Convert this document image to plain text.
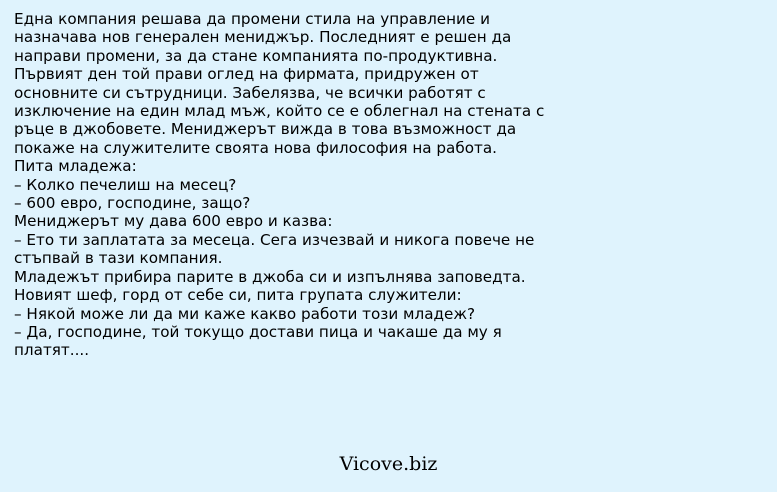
Една компания решава да промени стила на управление и
назначава нов генерален мениджър. Последният е решен да
направи промени, за да стане компанията по-продуктивна.
Първият ден той прави оглед на фирмата, придружен от
основните си сътрудници. Забелязва, че всички работят с
изключение на един млад мъж, който се е облегнал на стената с
ръце в джобовете. Мениджерът вижда в това възможност да
покаже на служителите своята нова философия на работа.
Пита младежа:
– Колко печелиш на месец?
– 600 евро, господине, защо?
Мениджерът му дава 600 евро и казва:
– Ето ти заплатата за месеца. Сега изчезвай и никога повече не
стъпвай в тази компания.
Младежът прибира парите в джоба си и изпълнява заповедта.
Новият шеф, горд от себе си, пита групата служители:
– Някой може ли да ми каже какво работи този младеж?
– Да, господине, той токущо достави пица и чакаше да му я
платят....
Vicove.biz
